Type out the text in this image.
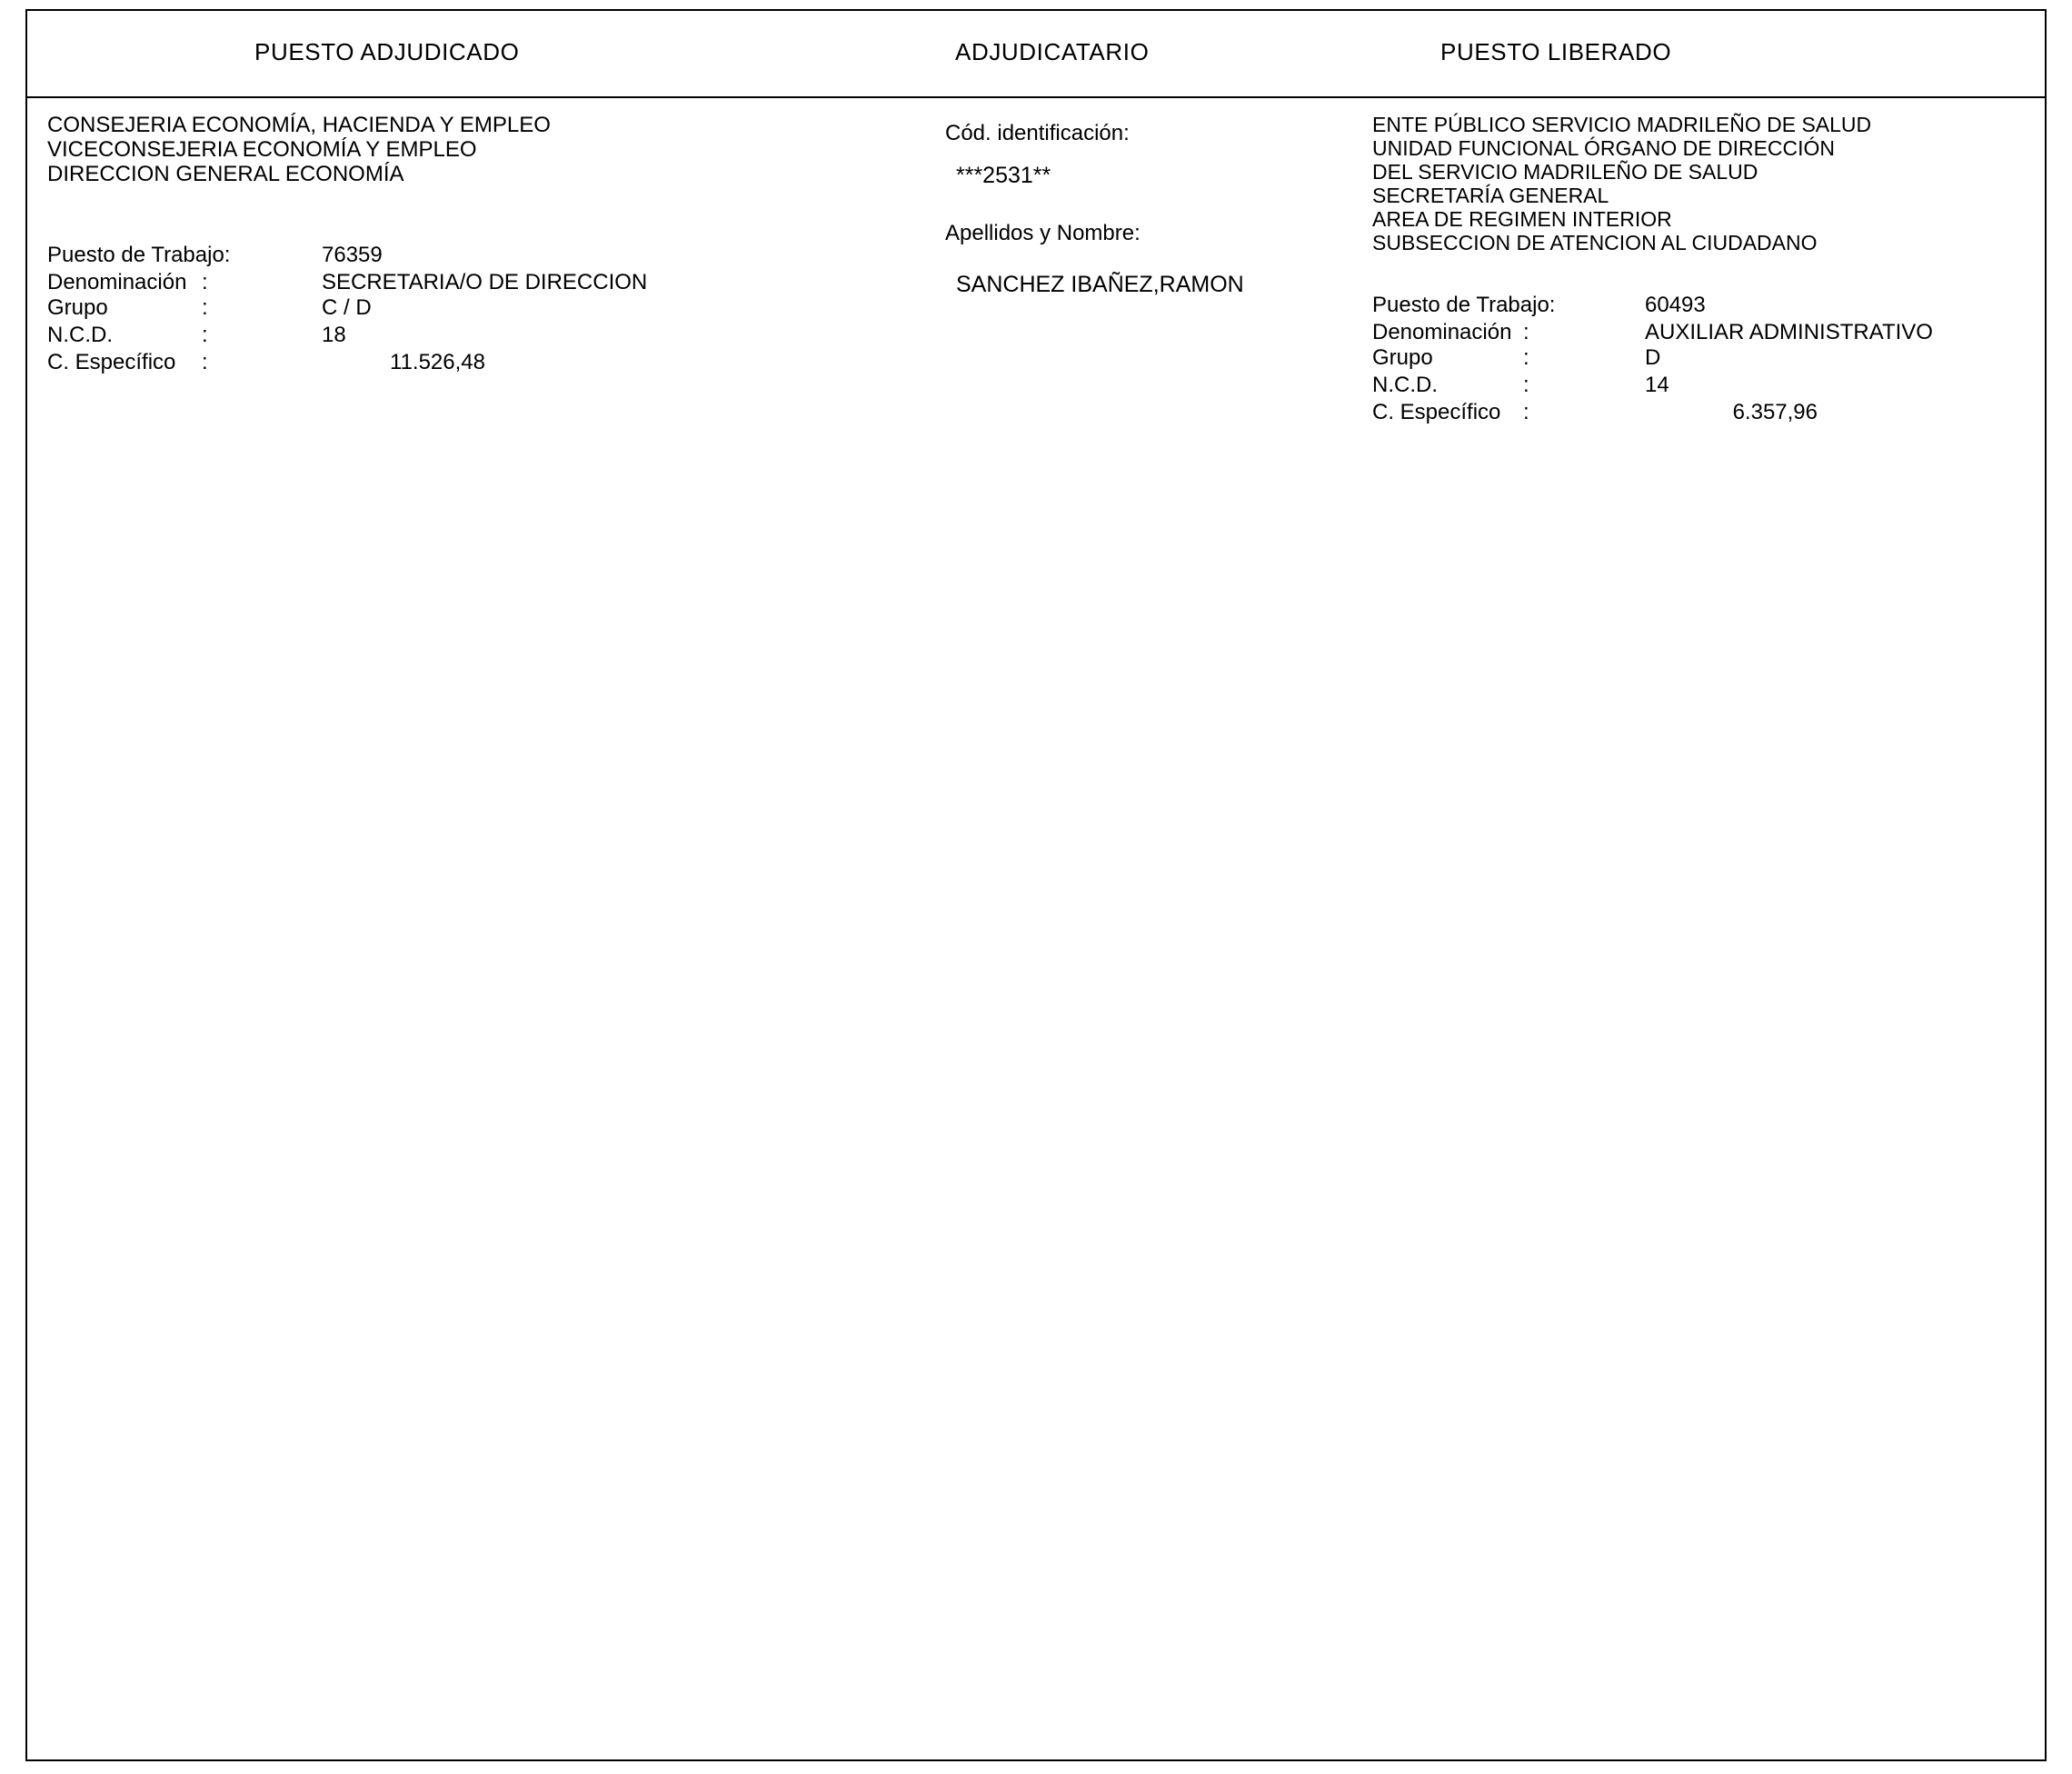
PUESTO ADJUDICADO	ADJUDICATARIO	PUESTO LIBERADO
CONSEJERIA ECONOMÍA, HACIENDA Y EMPLEO
VICECONSEJERIA ECONOMÍA Y EMPLEO
DIRECCION GENERAL ECONOMÍA
Puesto de Trabajo:	76359
Denominación :	SECRETARIA/O DE DIRECCION
Grupo	:	C / D
N.C.D.	:	18
C. Específico :	11.526,48
Cód. identificación:
***2531**
Apellidos y Nombre:
SANCHEZ IBAÑEZ,RAMON
ENTE PÚBLICO SERVICIO MADRILEÑO DE SALUD
UNIDAD FUNCIONAL ÓRGANO DE DIRECCIÓN
DEL SERVICIO MADRILEÑO DE SALUD
SECRETARÍA GENERAL
AREA DE REGIMEN INTERIOR
SUBSECCION DE ATENCION AL CIUDADANO
Puesto de Trabajo:	60493
Denominación :	AUXILIAR ADMINISTRATIVO
Grupo	:	D
N.C.D.	:	14
C. Específico :	6.357,96
